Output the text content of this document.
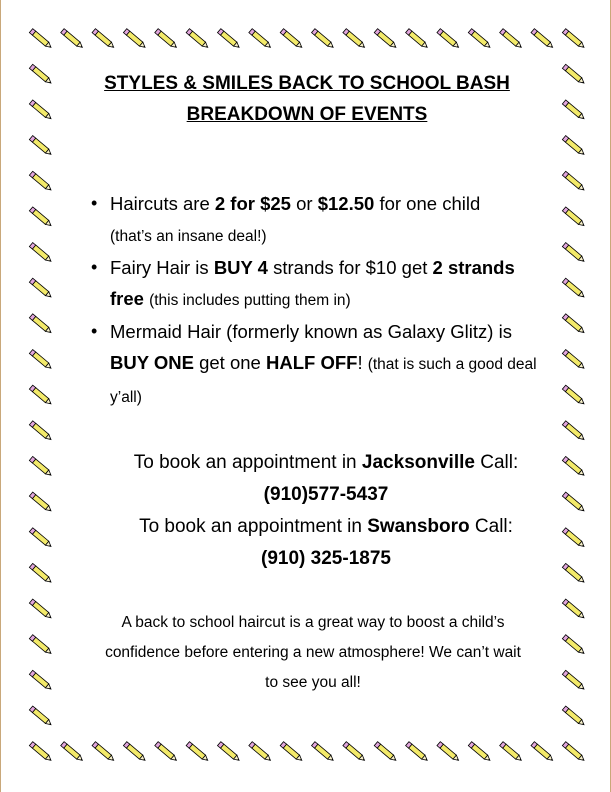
STYLES & SMILES BACK TO SCHOOL BASH
BREAKDOWN OF EVENTS
• Haircuts are 2 for $25 or $12.50 for one child
(that’s an insane deal!)
• Fairy Hair is BUY 4 strands for $10 get 2 strands free (this includes putting them in)
• Mermaid Hair (formerly known as Galaxy Glitz) is BUY ONE get one HALF OFF! (that is such a good deal y’all)
To book an appointment in Jacksonville Call:
(910)577-5437
To book an appointment in Swansboro Call:
(910) 325-1875

A back to school haircut is a great way to boost a child’s confidence before entering a new atmosphere! We can’t wait to see you all!
